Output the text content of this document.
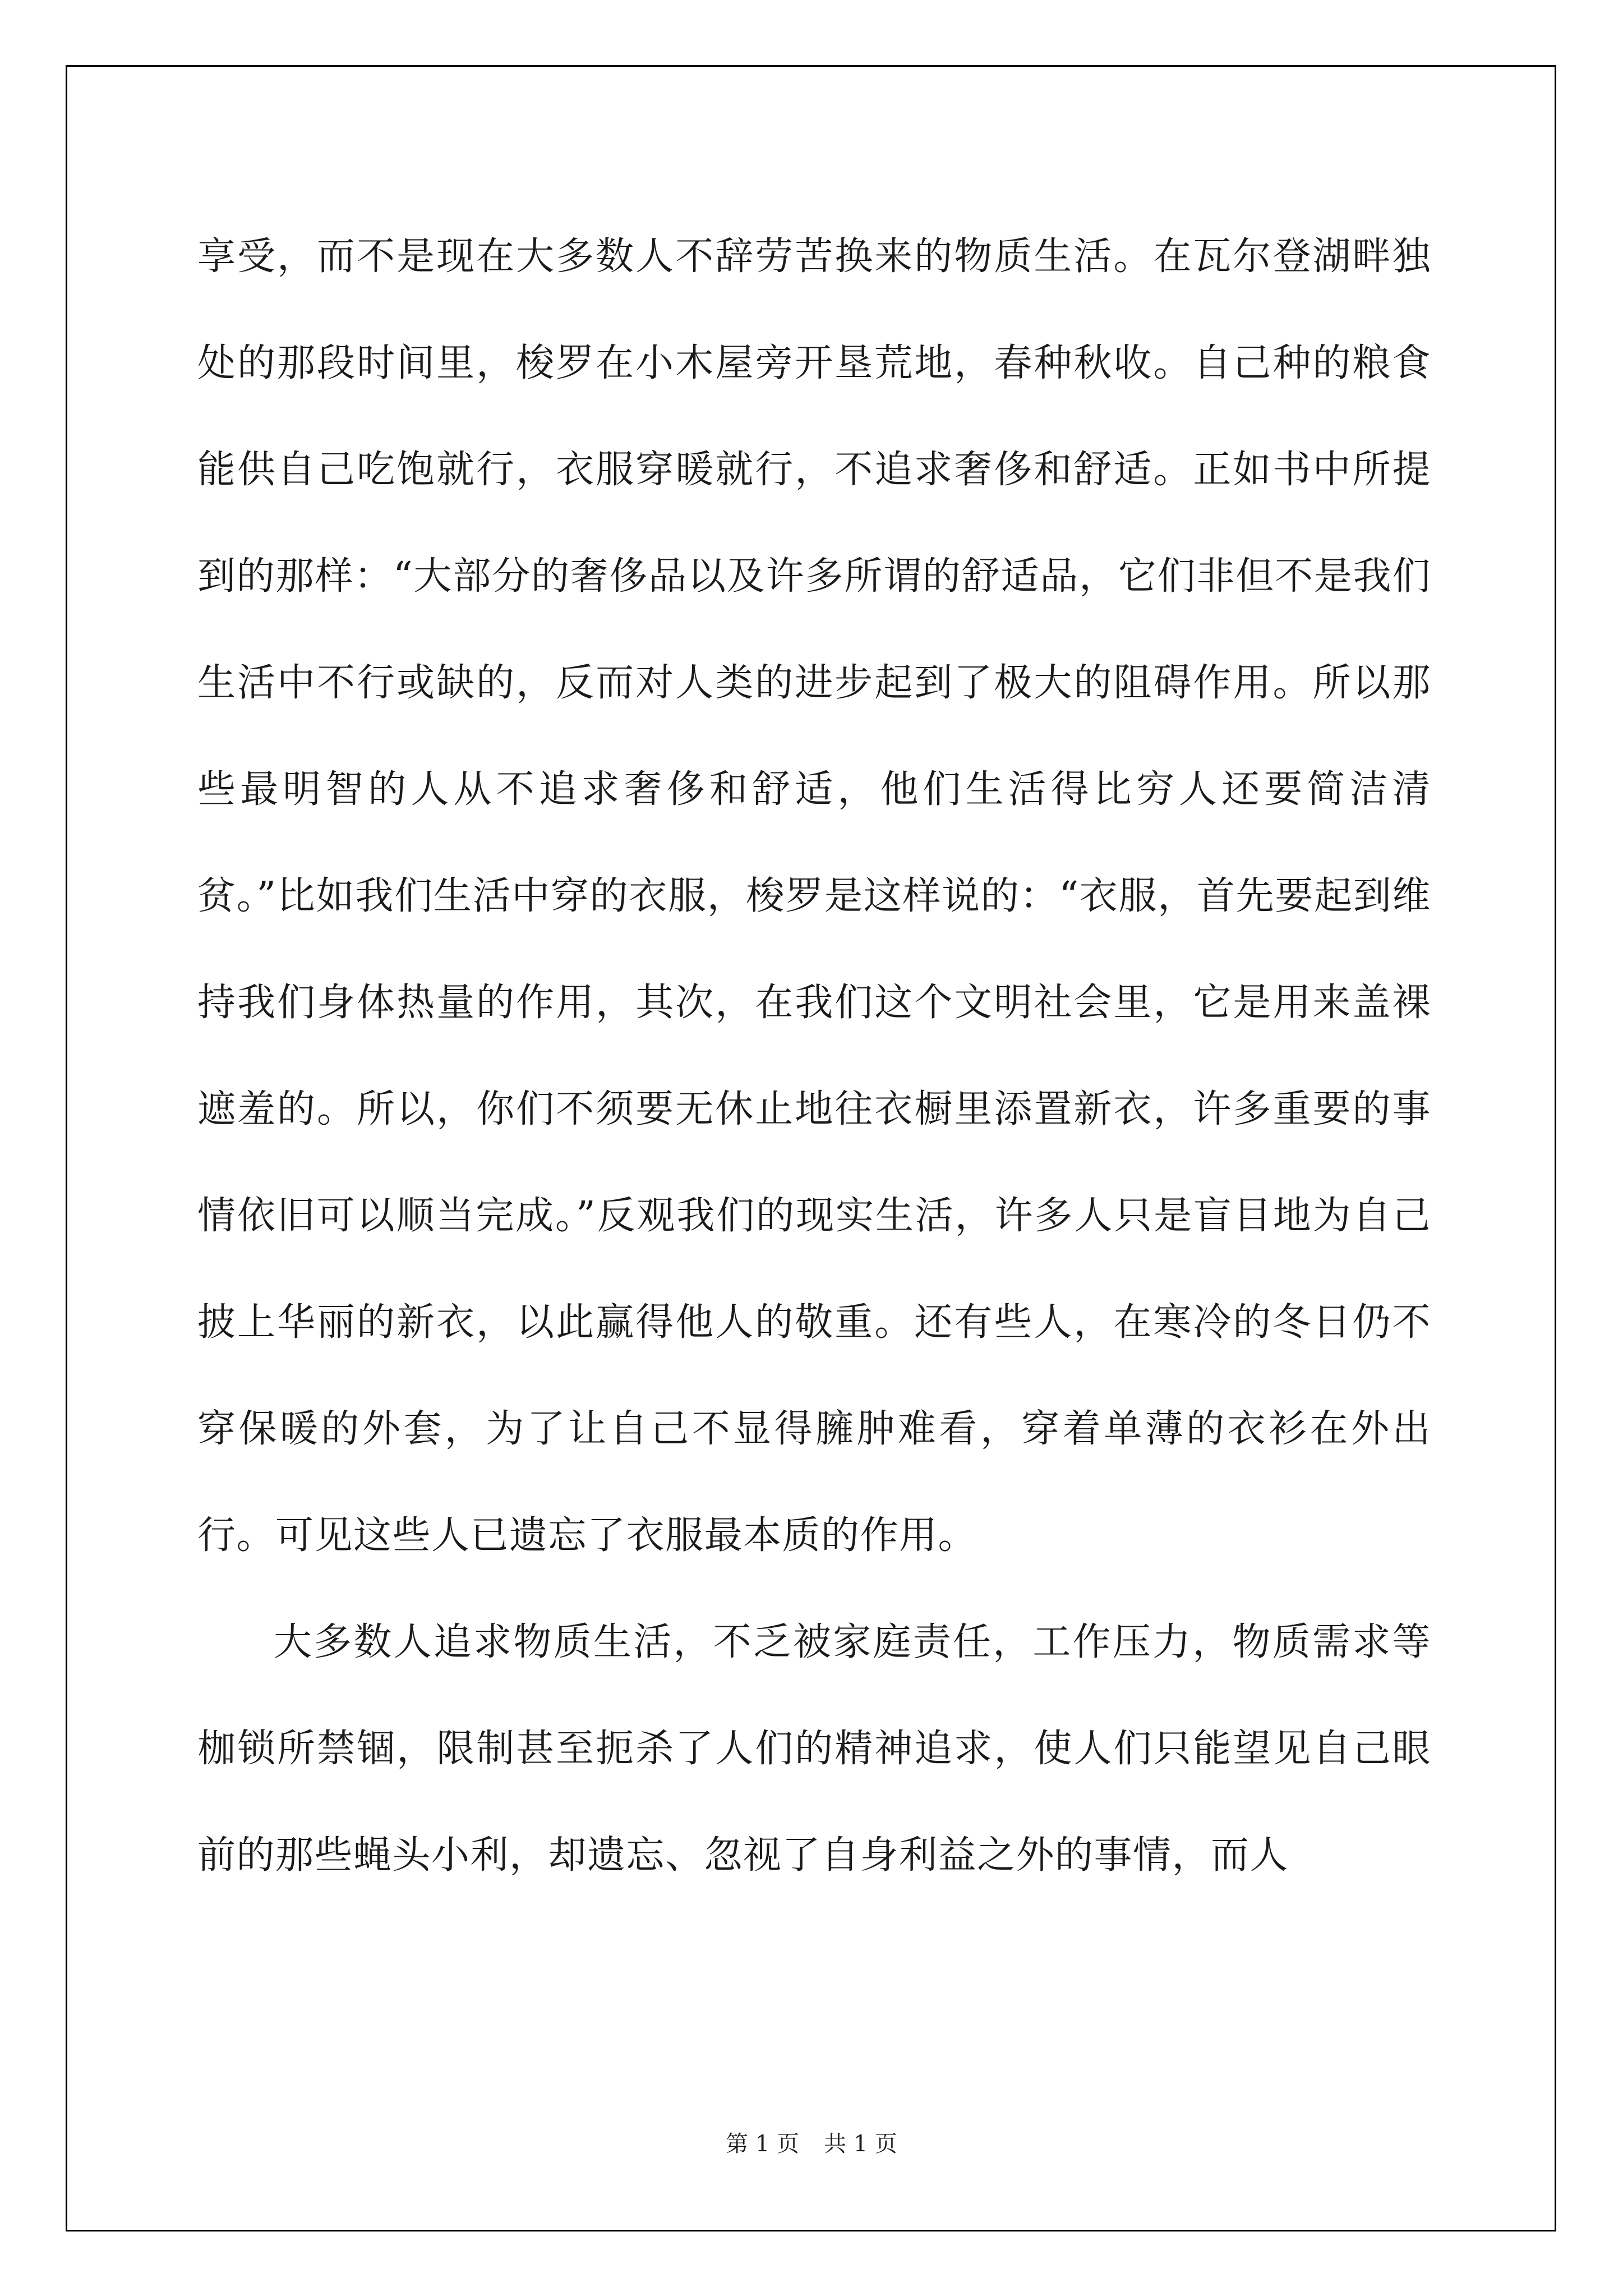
享受，而不是现在大多数人不辞劳苦换来的物质生活。在瓦尔登湖畔独处的那段时间里，梭罗在小木屋旁开垦荒地，春种秋收。自己种的粮食能供自己吃饱就行，衣服穿暖就行，不追求奢侈和舒适。正如书中所提到的那样：“大部分的奢侈品以及许多所谓的舒适品，它们非但不是我们生活中不行或缺的，反而对人类的进步起到了极大的阻碍作用。所以那些最明智的人从不追求奢侈和舒适，他们生活得比穷人还要简洁清贫。”比如我们生活中穿的衣服，梭罗是这样说的：“衣服，首先要起到维持我们身体热量的作用，其次，在我们这个文明社会里，它是用来盖裸遮羞的。所以，你们不须要无休止地往衣橱里添置新衣，许多重要的事情依旧可以顺当完成。”反观我们的现实生活，许多人只是盲目地为自己披上华丽的新衣，以此赢得他人的敬重。还有些人，在寒冷的冬日仍不穿保暖的外套，为了让自己不显得臃肿难看，穿着单薄的衣衫在外出行。可见这些人已遗忘了衣服最本质的作用。

大多数人追求物质生活，不乏被家庭责任，工作压力，物质需求等枷锁所禁锢，限制甚至扼杀了人们的精神追求，使人们只能望见自己眼前的那些蝇头小利，却遗忘、忽视了自身利益之外的事情，而人

第 1 页 共 1 页
